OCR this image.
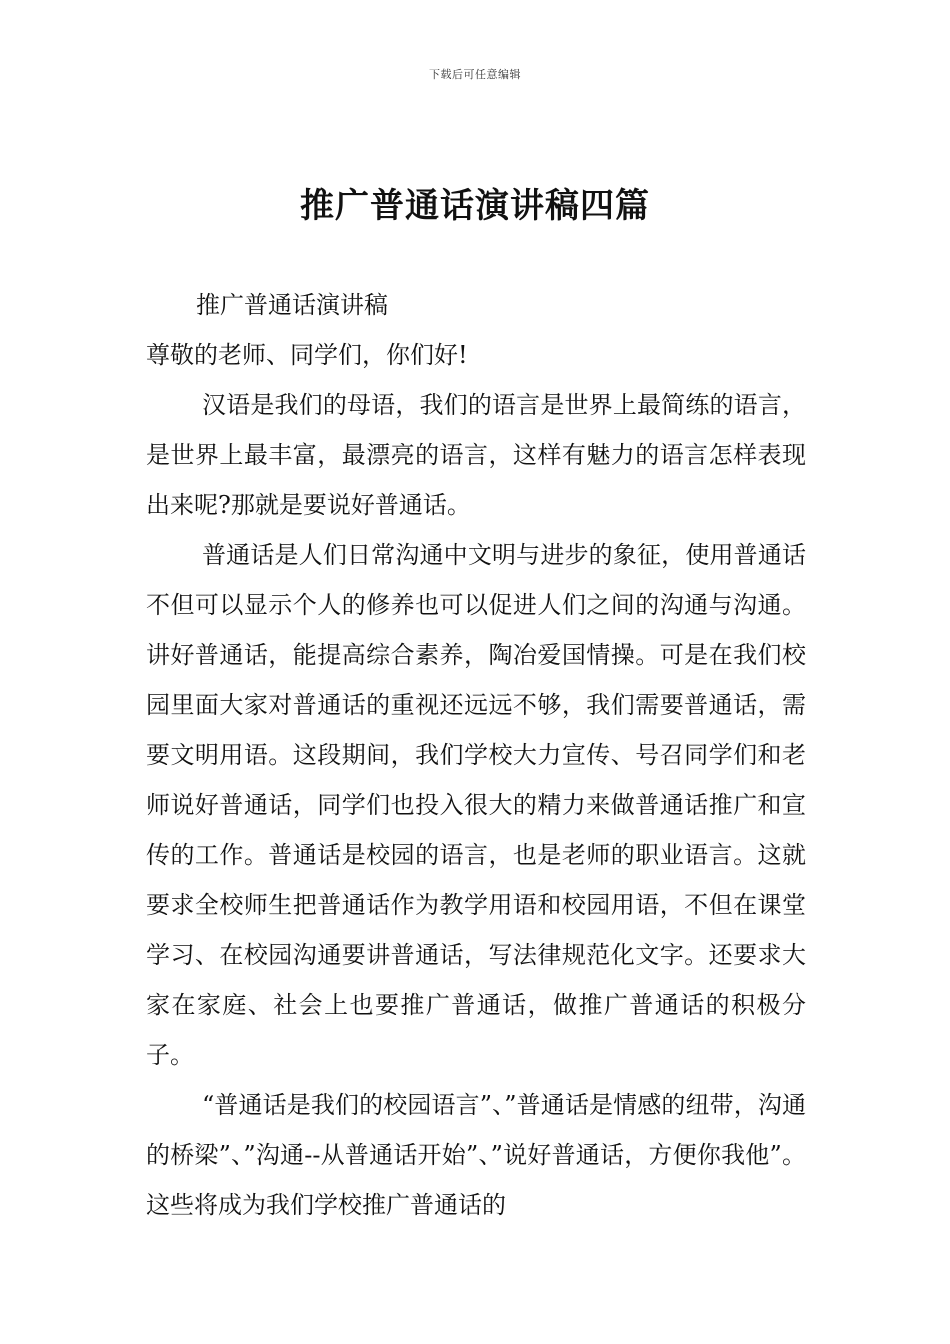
下载后可任意编辑
推广普通话演讲稿四篇

推广普通话演讲稿

尊敬的老师、同学们，你们好!

汉语是我们的母语，我们的语言是世界上最简练的语言，是世界上最丰富，最漂亮的语言，这样有魅力的语言怎样表现出来呢?那就是要说好普通话。

普通话是人们日常沟通中文明与进步的象征，使用普通话不但可以显示个人的修养也可以促进人们之间的沟通与沟通。讲好普通话，能提高综合素养，陶冶爱国情操。可是在我们校园里面大家对普通话的重视还远远不够，我们需要普通话，需要文明用语。这段期间，我们学校大力宣传、号召同学们和老师说好普通话，同学们也投入很大的精力来做普通话推广和宣传的工作。普通话是校园的语言，也是老师的职业语言。这就要求全校师生把普通话作为教学用语和校园用语，不但在课堂学习、在校园沟通要讲普通话，写法律规范化文字。还要求大家在家庭、社会上也要推广普通话，做推广普通话的积极分子。

“普通话是我们的校园语言”、”普通话是情感的纽带，沟通的桥梁”、”沟通--从普通话开始”、”说好普通话，方便你我他”。这些将成为我们学校推广普通话的
